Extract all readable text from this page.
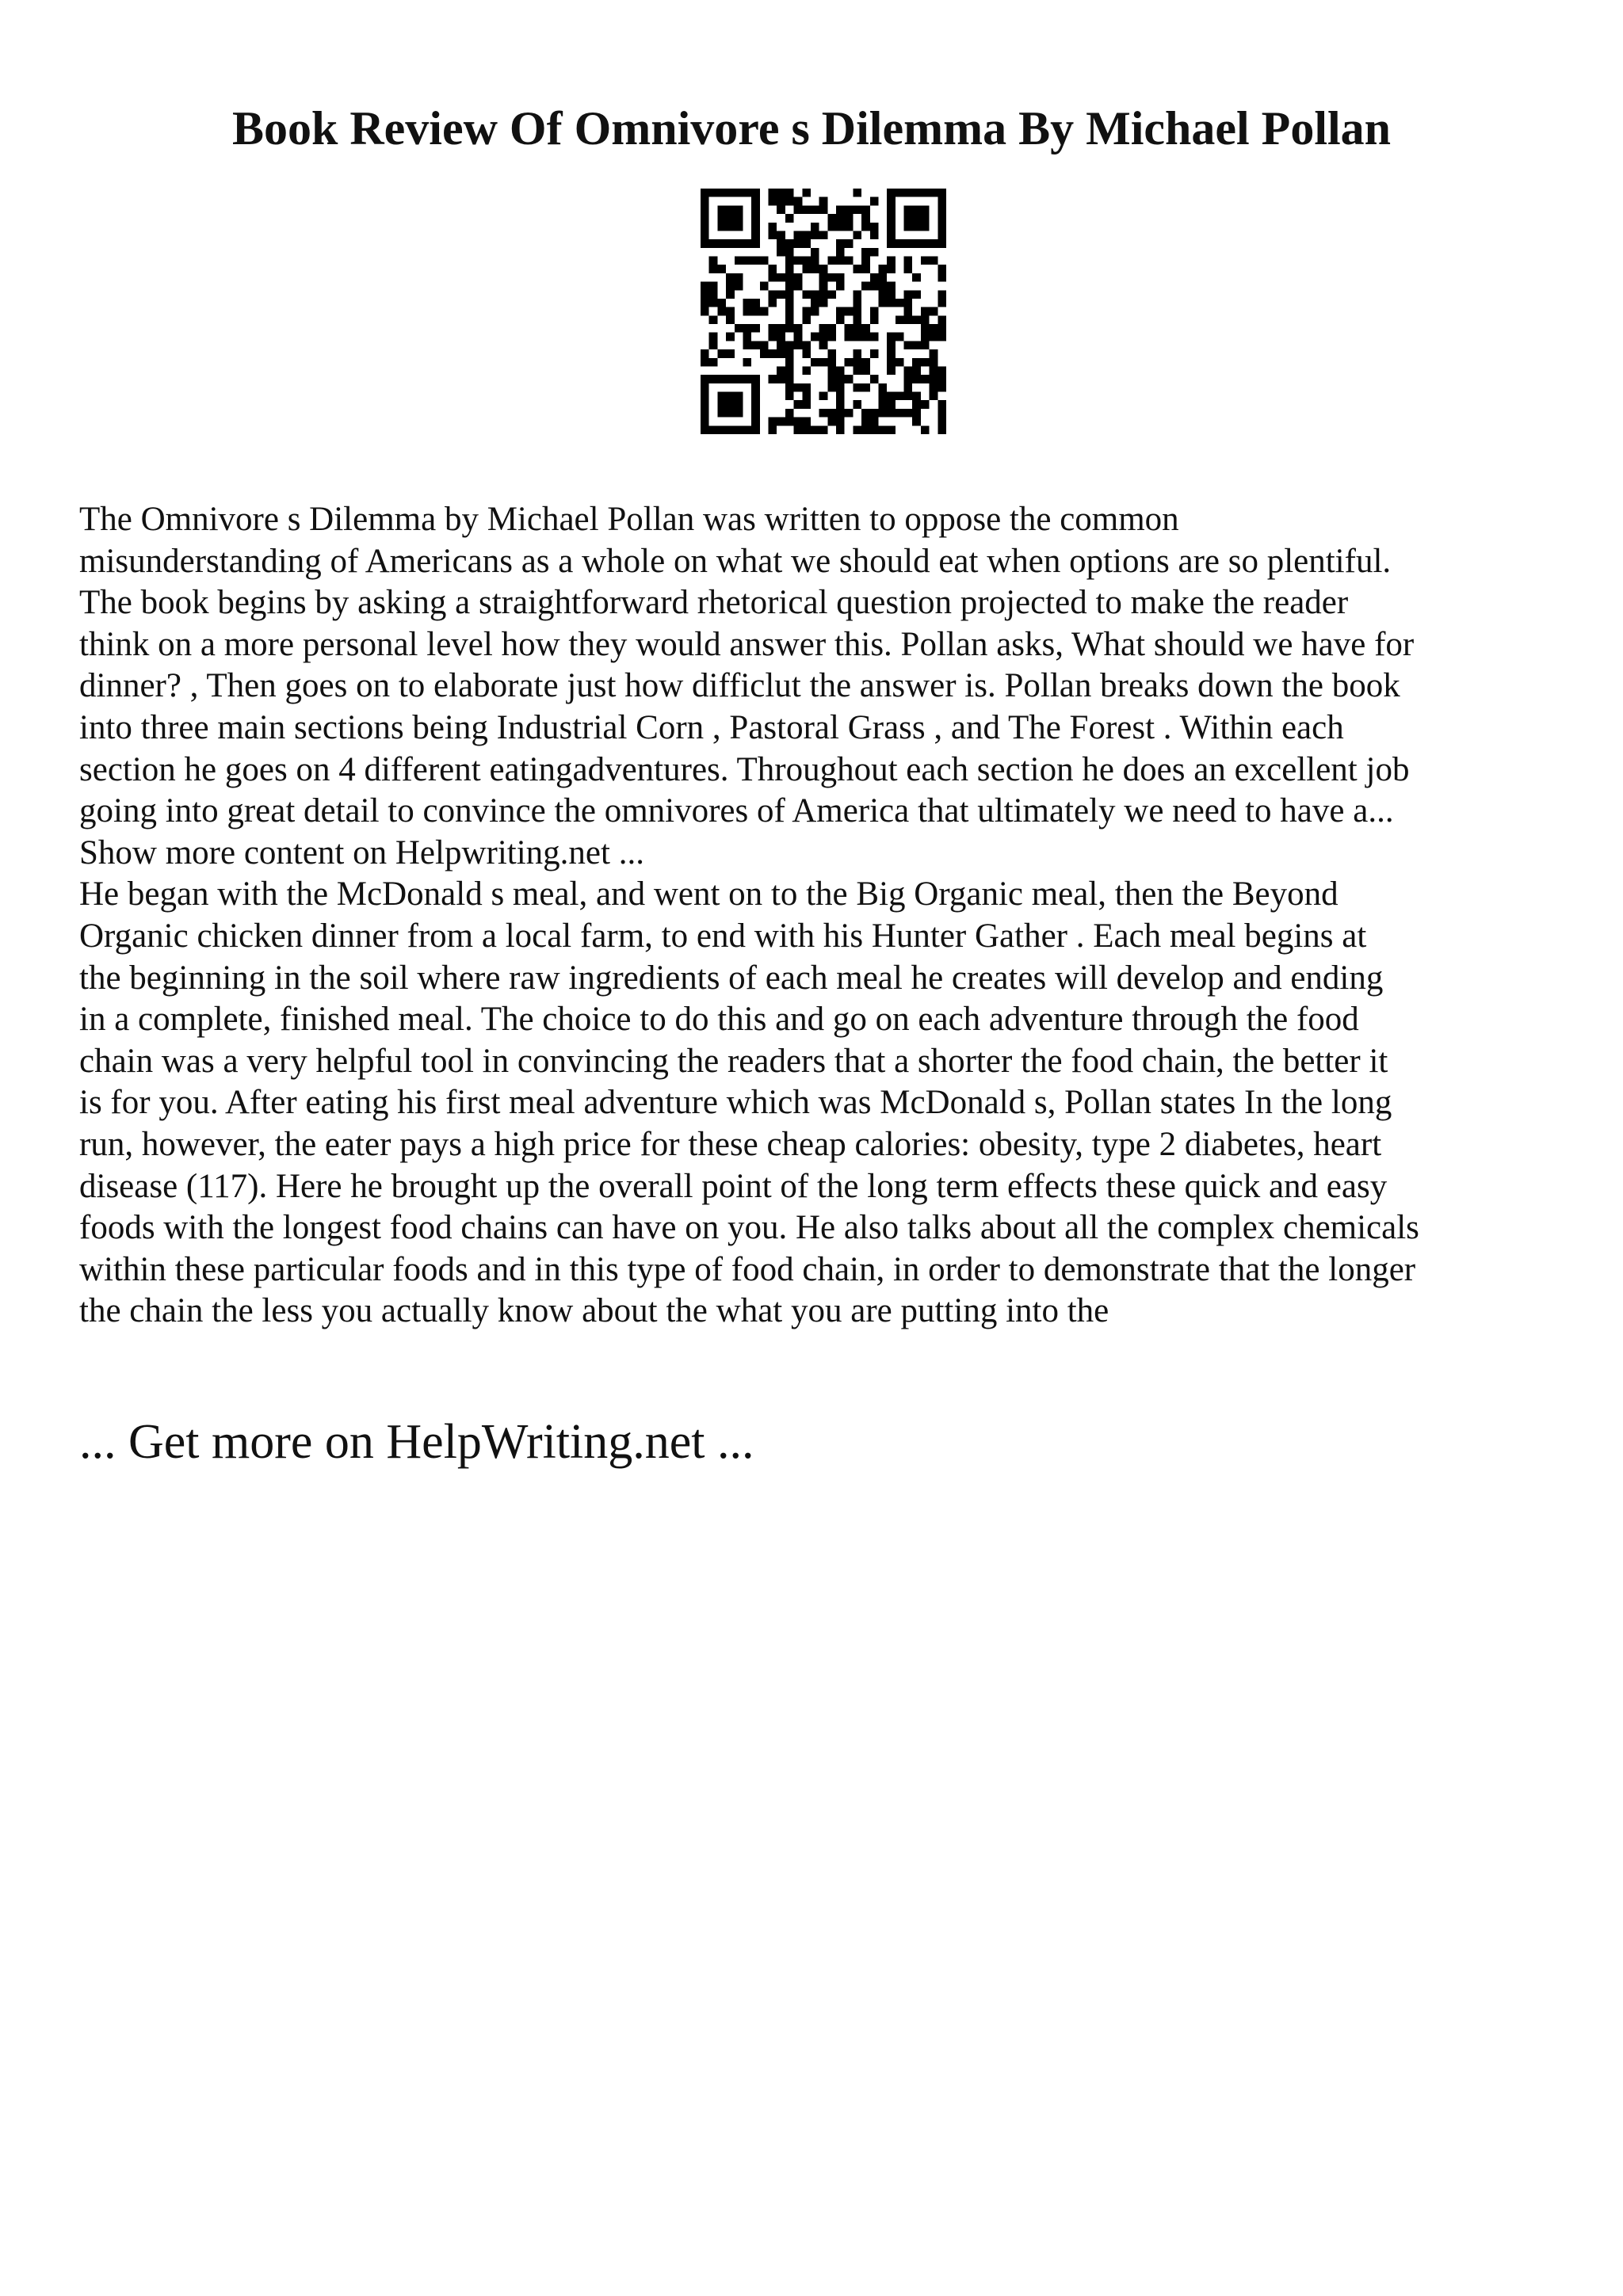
Book Review Of Omnivore s Dilemma By Michael Pollan
The Omnivore s Dilemma by Michael Pollan was written to oppose the common
misunderstanding of Americans as a whole on what we should eat when options are so plentiful.
The book begins by asking a straightforward rhetorical question projected to make the reader
think on a more personal level how they would answer this. Pollan asks, What should we have for
dinner? , Then goes on to elaborate just how difficlut the answer is. Pollan breaks down the book
into three main sections being Industrial Corn , Pastoral Grass , and The Forest . Within each
section he goes on 4 different eatingadventures. Throughout each section he does an excellent job
going into great detail to convince the omnivores of America that ultimately we need to have a...
Show more content on Helpwriting.net ...
He began with the McDonald s meal, and went on to the Big Organic meal, then the Beyond
Organic chicken dinner from a local farm, to end with his Hunter Gather . Each meal begins at
the beginning in the soil where raw ingredients of each meal he creates will develop and ending
in a complete, finished meal. The choice to do this and go on each adventure through the food
chain was a very helpful tool in convincing the readers that a shorter the food chain, the better it
is for you. After eating his first meal adventure which was McDonald s, Pollan states In the long
run, however, the eater pays a high price for these cheap calories: obesity, type 2 diabetes, heart
disease (117). Here he brought up the overall point of the long term effects these quick and easy
foods with the longest food chains can have on you. He also talks about all the complex chemicals
within these particular foods and in this type of food chain, in order to demonstrate that the longer
the chain the less you actually know about the what you are putting into the

... Get more on HelpWriting.net ...
